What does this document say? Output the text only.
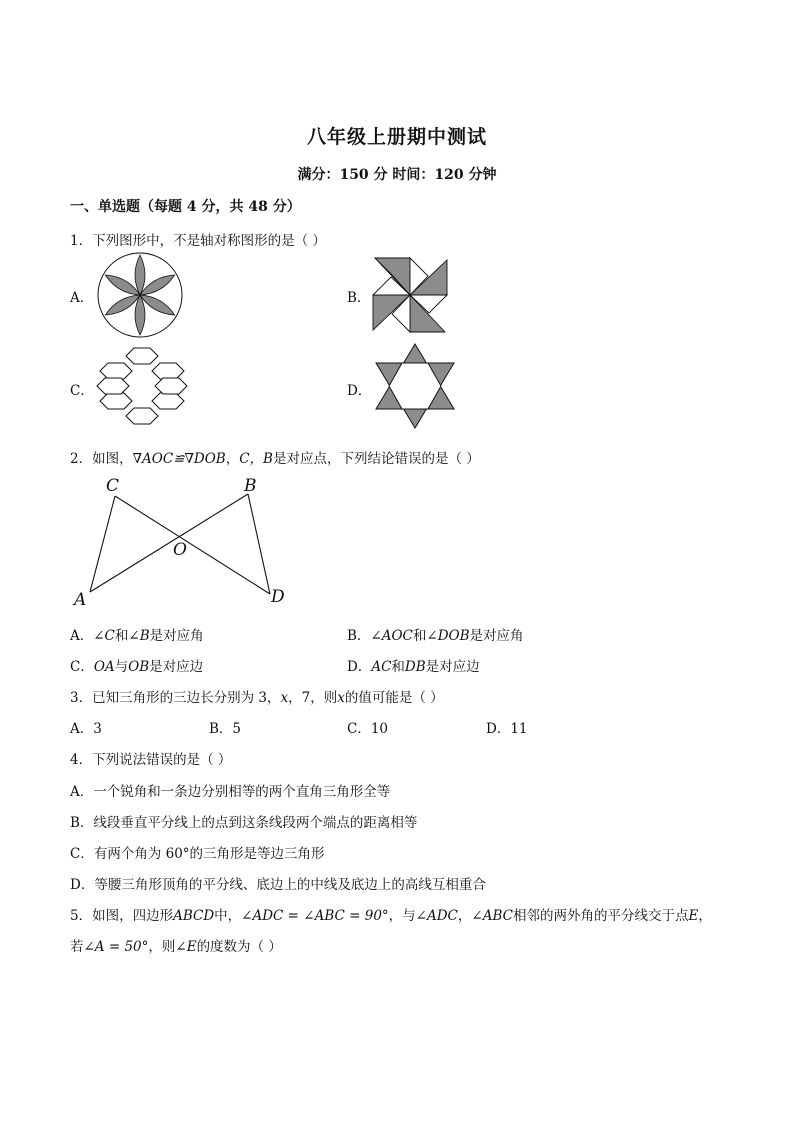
八年级上册期中测试
满分：150 分 时间：120 分钟
一、单选题（每题 4 分，共 48 分）
1．下列图形中，不是轴对称图形的是（ ）
A．	B．
C．	D．
2．如图，∇AOC≌∇DOB，C，B是对应点，下列结论错误的是（ ）
C	B
O
A	D
A．∠C和∠B是对应角	B．∠AOC和∠DOB是对应角
C．OA与OB是对应边	D．AC和DB是对应边
3．已知三角形的三边长分别为 3，x，7，则x的值可能是（ ）
A．3	B．5	C．10	D．11
4．下列说法错误的是（ ）
A．一个锐角和一条边分别相等的两个直角三角形全等
B．线段垂直平分线上的点到这条线段两个端点的距离相等
C．有两个角为 60°的三角形是等边三角形
D．等腰三角形顶角的平分线、底边上的中线及底边上的高线互相重合
5．如图，四边形ABCD中，∠ADC = ∠ABC = 90°，与∠ADC，∠ABC相邻的两外角的平分线交于点E，
若∠A = 50°，则∠E的度数为（ ）
